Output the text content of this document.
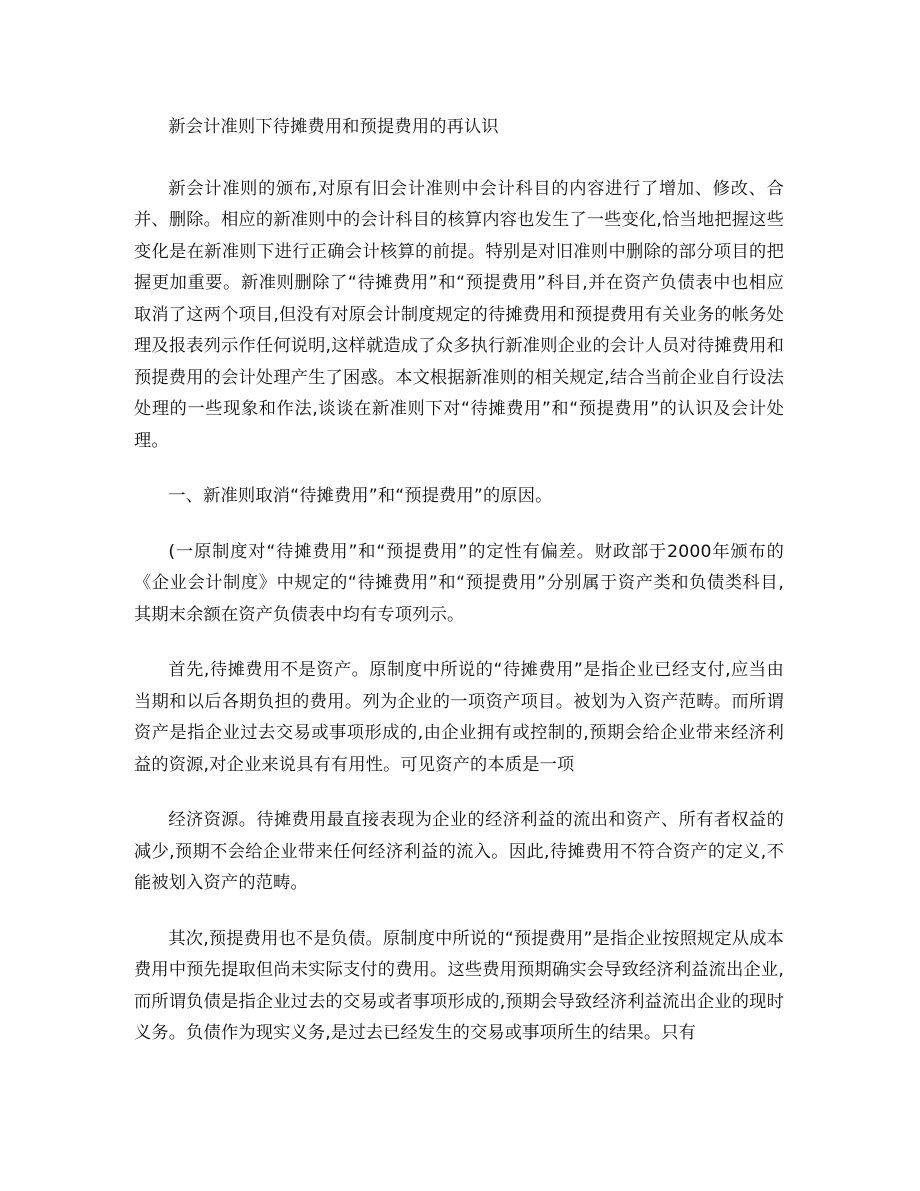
新会计准则下待摊费用和预提费用的再认识

新会计准则的颁布,对原有旧会计准则中会计科目的内容进行了增加、修改、合并、删除。相应的新准则中的会计科目的核算内容也发生了一些变化,恰当地把握这些变化是在新准则下进行正确会计核算的前提。特别是对旧准则中删除的部分项目的把握更加重要。新准则删除了“待摊费用”和“预提费用”科目,并在资产负债表中也相应取消了这两个项目,但没有对原会计制度规定的待摊费用和预提费用有关业务的帐务处理及报表列示作任何说明,这样就造成了众多执行新准则企业的会计人员对待摊费用和预提费用的会计处理产生了困惑。本文根据新准则的相关规定,结合当前企业自行设法处理的一些现象和作法,谈谈在新准则下对“待摊费用”和“预提费用”的认识及会计处理。

一、新准则取消“待摊费用”和“预提费用”的原因。

(一原制度对“待摊费用”和“预提费用”的定性有偏差。财政部于2000年颁布的《企业会计制度》中规定的“待摊费用”和“预提费用”分别属于资产类和负债类科目,其期末余额在资产负债表中均有专项列示。

首先,待摊费用不是资产。原制度中所说的“待摊费用”是指企业已经支付,应当由当期和以后各期负担的费用。列为企业的一项资产项目。被划为入资产范畴。而所谓资产是指企业过去交易或事项形成的,由企业拥有或控制的,预期会给企业带来经济利益的资源,对企业来说具有有用性。可见资产的本质是一项

经济资源。待摊费用最直接表现为企业的经济利益的流出和资产、所有者权益的减少,预期不会给企业带来任何经济利益的流入。因此,待摊费用不符合资产的定义,不能被划入资产的范畴。

其次,预提费用也不是负债。原制度中所说的“预提费用”是指企业按照规定从成本费用中预先提取但尚未实际支付的费用。这些费用预期确实会导致经济利益流出企业,而所谓负债是指企业过去的交易或者事项形成的,预期会导致经济利益流出企业的现时义务。负债作为现实义务,是过去已经发生的交易或事项所生的结果。只有
